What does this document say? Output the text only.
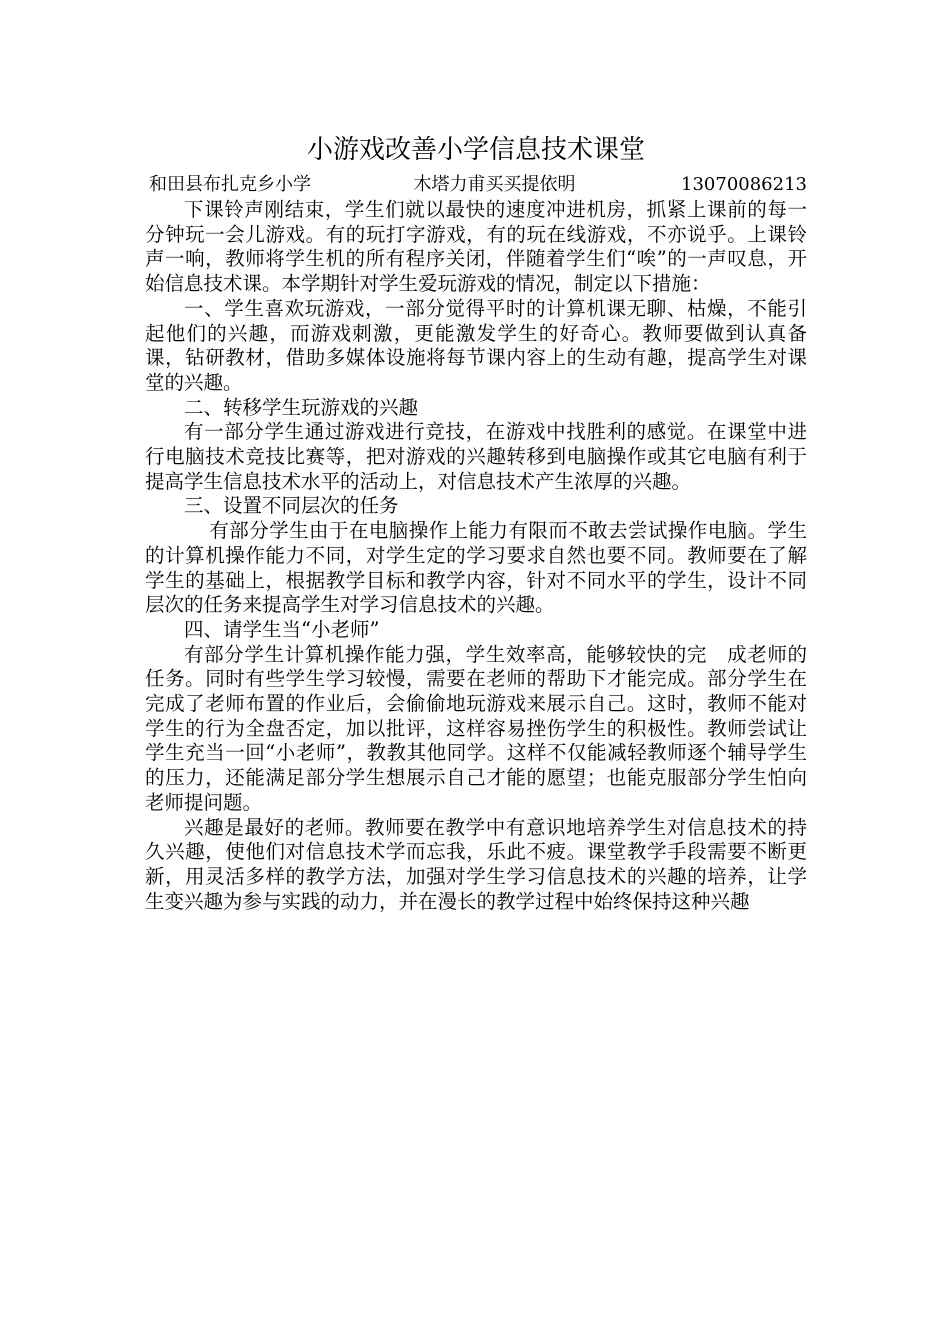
小游戏改善小学信息技术课堂
和田县布扎克乡小学	木塔力甫买买提依明	13070086213

下课铃声刚结束，学生们就以最快的速度冲进机房，抓紧上课前的每一分钟玩一会儿游戏。有的玩打字游戏，有的玩在线游戏，不亦说乎。上课铃声一响，教师将学生机的所有程序关闭，伴随着学生们“唉”的一声叹息，开始信息技术课。本学期针对学生爱玩游戏的情况，制定以下措施：

一、学生喜欢玩游戏，一部分觉得平时的计算机课无聊、枯燥，不能引起他们的兴趣，而游戏刺激，更能激发学生的好奇心。教师要做到认真备课，钻研教材，借助多媒体设施将每节课内容上的生动有趣，提高学生对课堂的兴趣。

二、转移学生玩游戏的兴趣

有一部分学生通过游戏进行竞技，在游戏中找胜利的感觉。在课堂中进行电脑技术竞技比赛等，把对游戏的兴趣转移到电脑操作或其它电脑有利于提高学生信息技术水平的活动上，对信息技术产生浓厚的兴趣。

三、设置不同层次的任务

有部分学生由于在电脑操作上能力有限而不敢去尝试操作电脑。学生的计算机操作能力不同，对学生定的学习要求自然也要不同。教师要在了解学生的基础上，根据教学目标和教学内容，针对不同水平的学生，设计不同层次的任务来提高学生对学习信息技术的兴趣。

四、请学生当“小老师”

有部分学生计算机操作能力强，学生效率高，能够较快的完　成老师的任务。同时有些学生学习较慢，需要在老师的帮助下才能完成。部分学生在完成了老师布置的作业后，会偷偷地玩游戏来展示自己。这时，教师不能对学生的行为全盘否定，加以批评，这样容易挫伤学生的积极性。教师尝试让学生充当一回“小老师”，教教其他同学。这样不仅能减轻教师逐个辅导学生的压力，还能满足部分学生想展示自己才能的愿望；也能克服部分学生怕向老师提问题。

兴趣是最好的老师。教师要在教学中有意识地培养学生对信息技术的持久兴趣，使他们对信息技术学而忘我，乐此不疲。课堂教学手段需要不断更新，用灵活多样的教学方法，加强对学生学习信息技术的兴趣的培养，让学生变兴趣为参与实践的动力，并在漫长的教学过程中始终保持这种兴趣
